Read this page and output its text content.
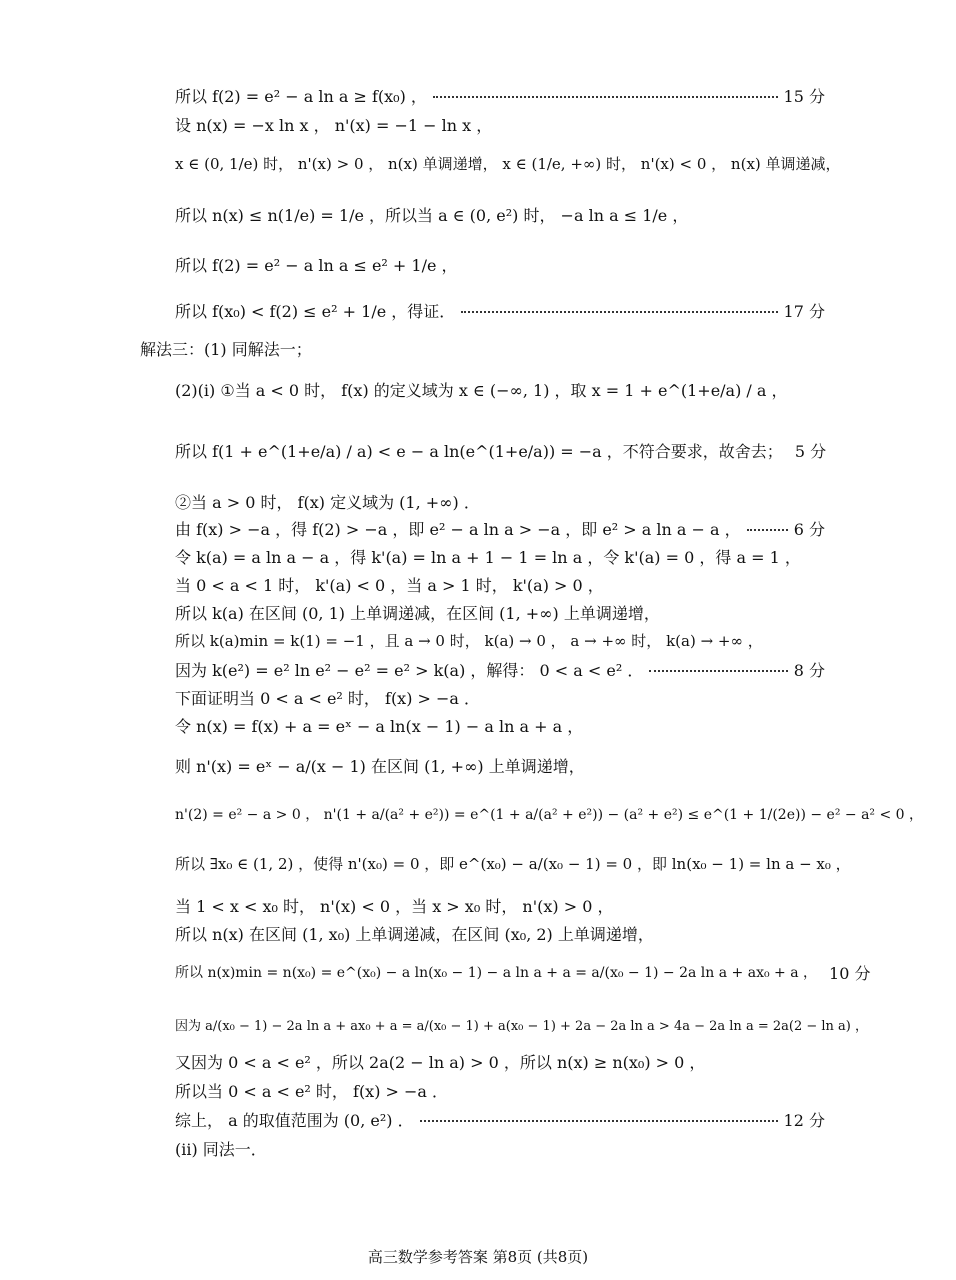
所以 f(2) = e² − a ln a ≥ f(x₀) ，	15 分
设 n(x) = −x ln x ， n'(x) = −1 − ln x ，
x ∈ (0, 1/e) 时， n'(x) > 0 ， n(x) 单调递增， x ∈ (1/e, +∞) 时， n'(x) < 0 ， n(x) 单调递减，
所以 n(x) ≤ n(1/e) = 1/e ，所以当 a ∈ (0, e²) 时， −a ln a ≤ 1/e ，
所以 f(2) = e² − a ln a ≤ e² + 1/e ，
所以 f(x₀) < f(2) ≤ e² + 1/e ，得证．	17 分
解法三：(1) 同解法一；
(2)(i) ①当 a < 0 时， f(x) 的定义域为 x ∈ (−∞, 1) ，取 x = 1 + e^(1+e/a) / a ，
所以 f(1 + e^(1+e/a) / a) < e − a ln(e^(1+e/a)) = −a ，不符合要求，故舍去； 5 分
②当 a > 0 时， f(x) 定义域为 (1, +∞) ．
由 f(x) > −a ，得 f(2) > −a ，即 e² − a ln a > −a ，即 e² > a ln a − a ，	6 分
令 k(a) = a ln a − a ，得 k'(a) = ln a + 1 − 1 = ln a ，令 k'(a) = 0 ，得 a = 1 ，
当 0 < a < 1 时， k'(a) < 0 ，当 a > 1 时， k'(a) > 0 ，
所以 k(a) 在区间 (0, 1) 上单调递减，在区间 (1, +∞) 上单调递增，
所以 k(a)min = k(1) = −1 ，且 a → 0 时， k(a) → 0 ， a → +∞ 时， k(a) → +∞ ，
因为 k(e²) = e² ln e² − e² = e² > k(a) ，解得： 0 < a < e² ．	8 分
下面证明当 0 < a < e² 时， f(x) > −a ．
令 n(x) = f(x) + a = eˣ − a ln(x − 1) − a ln a + a ，
则 n'(x) = eˣ − a/(x − 1) 在区间 (1, +∞) 上单调递增，
n'(2) = e² − a > 0 ， n'(1 + a/(a² + e²)) = e^(1 + a/(a² + e²)) − (a² + e²) ≤ e^(1 + 1/(2e)) − e² − a² < 0 ，
所以 ∃x₀ ∈ (1, 2) ，使得 n'(x₀) = 0 ，即 e^(x₀) − a/(x₀ − 1) = 0 ，即 ln(x₀ − 1) = ln a − x₀ ，
当 1 < x < x₀ 时， n'(x) < 0 ，当 x > x₀ 时， n'(x) > 0 ，
所以 n(x) 在区间 (1, x₀) 上单调递减，在区间 (x₀, 2) 上单调递增，
所以 n(x)min = n(x₀) = e^(x₀) − a ln(x₀ − 1) − a ln a + a = a/(x₀ − 1) − 2a ln a + ax₀ + a ， 10 分
因为 a/(x₀ − 1) − 2a ln a + ax₀ + a = a/(x₀ − 1) + a(x₀ − 1) + 2a − 2a ln a > 4a − 2a ln a = 2a(2 − ln a) ，
又因为 0 < a < e² ，所以 2a(2 − ln a) > 0 ，所以 n(x) ≥ n(x₀) > 0 ，
所以当 0 < a < e² 时， f(x) > −a ．
综上， a 的取值范围为 (0, e²) ．	12 分
(ii) 同法一．
高三数学参考答案 第8页 (共8页)
